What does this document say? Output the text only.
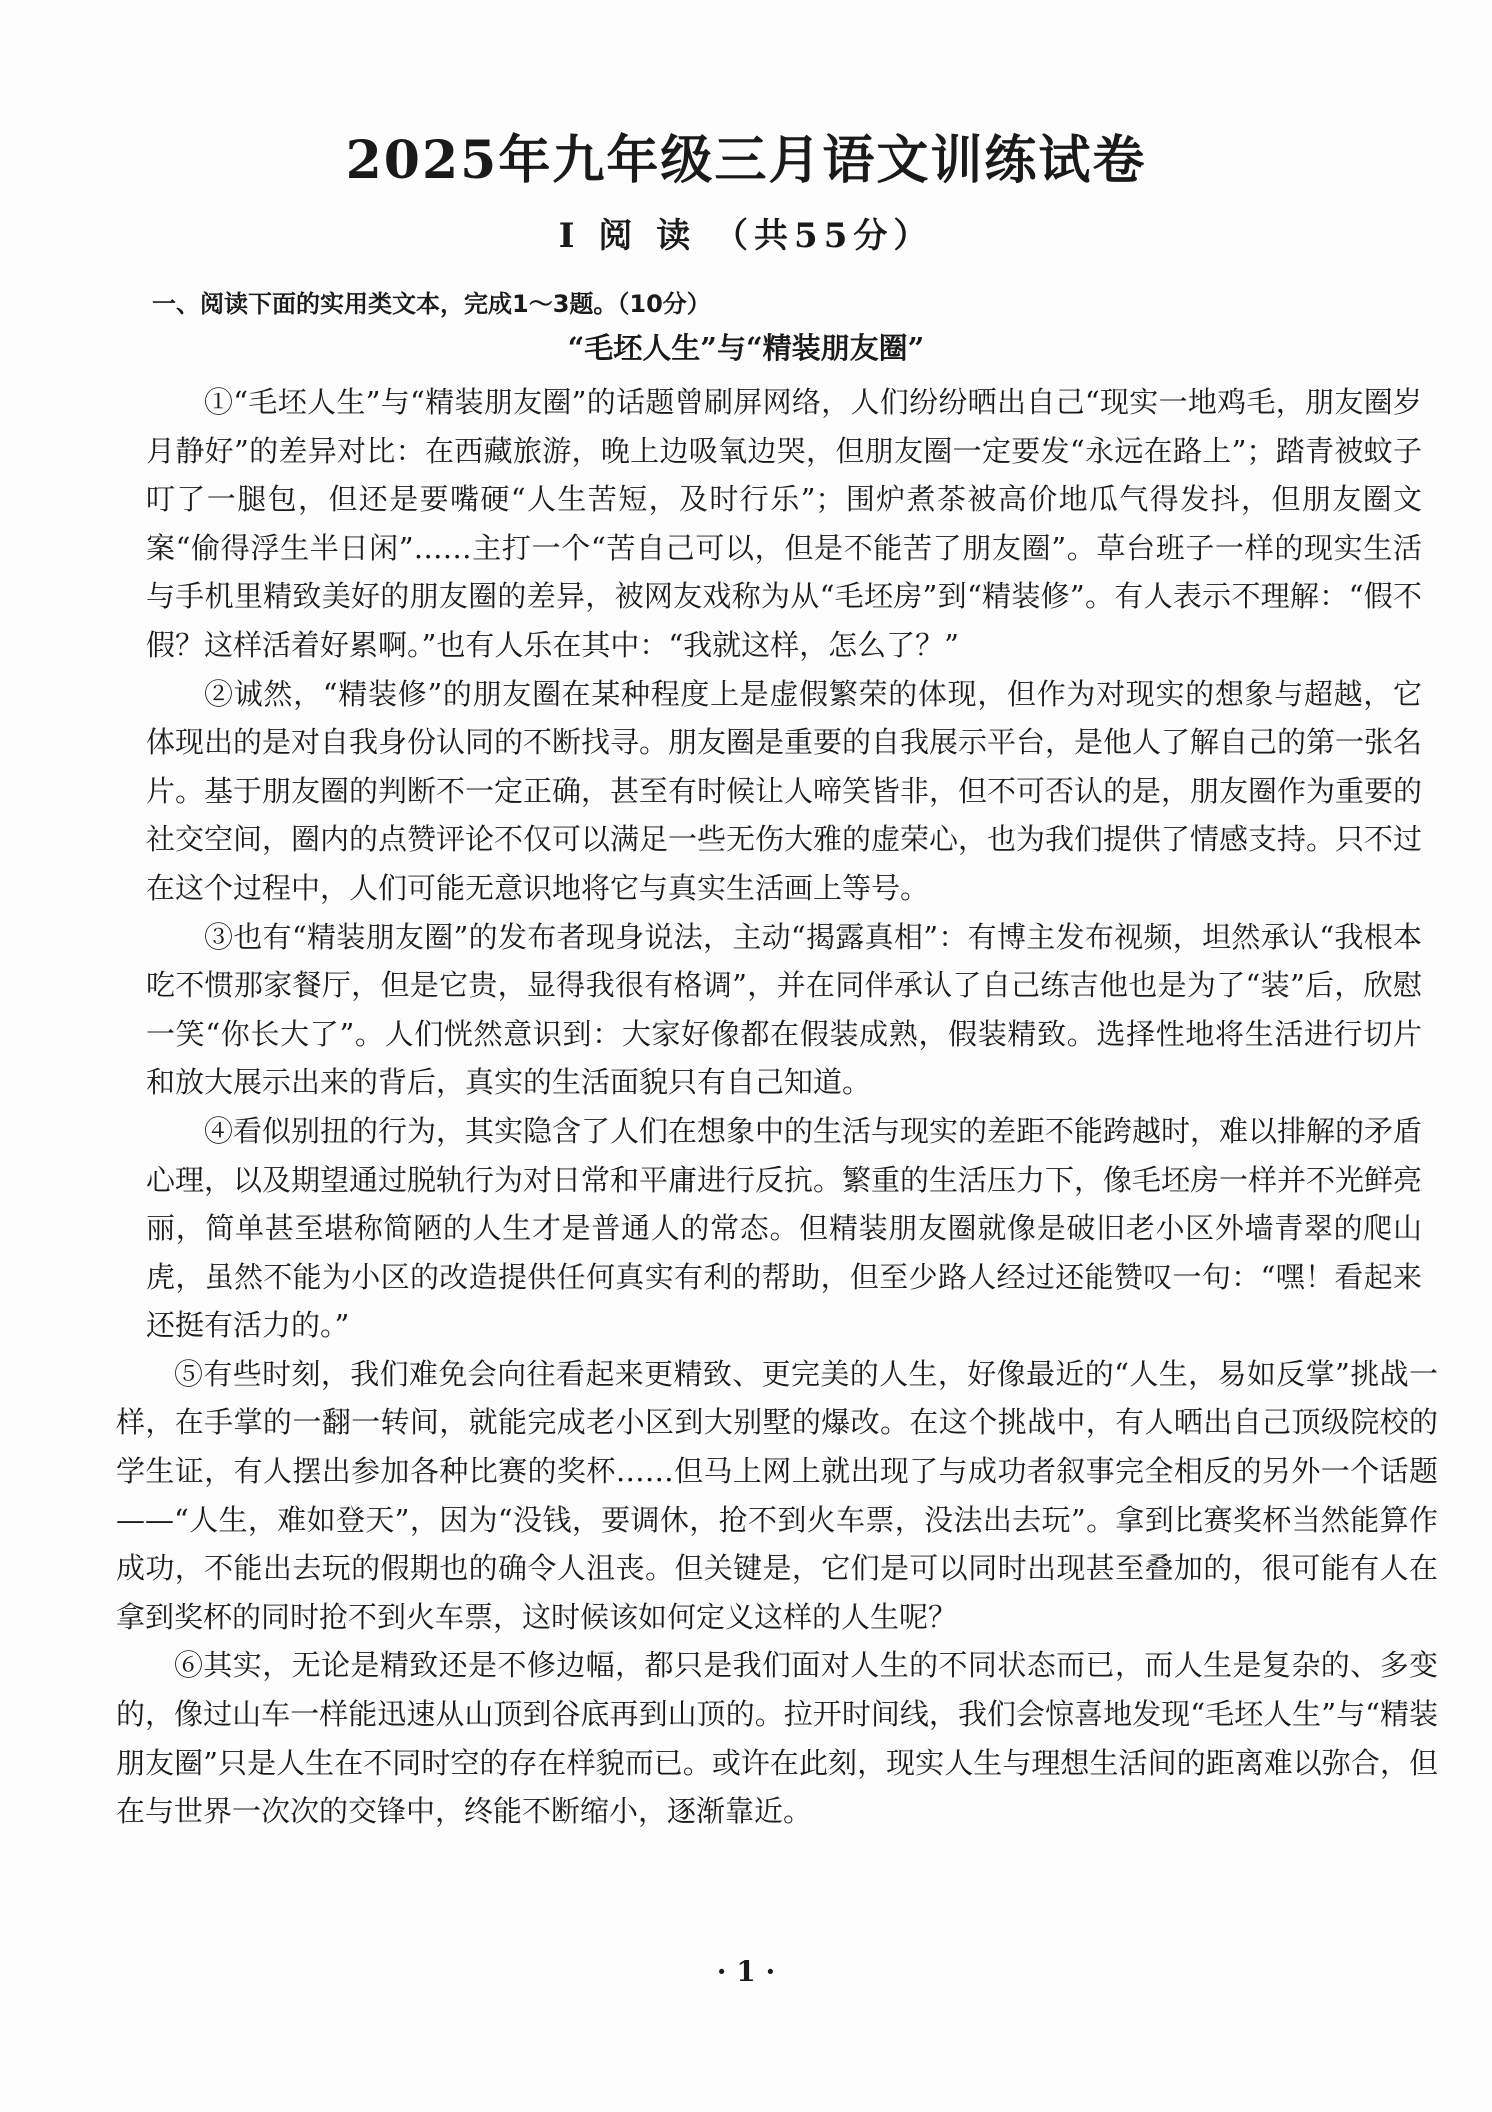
2025年九年级三月语文训练试卷
Ⅰ 阅 读 （共55分）
一、阅读下面的实用类文本，完成1～3题。（10分）
“毛坯人生”与“精装朋友圈”

①“毛坯人生”与“精装朋友圈”的话题曾刷屏网络，人们纷纷晒出自己“现实一地鸡毛，朋友圈岁月静好”的差异对比：在西藏旅游，晚上边吸氧边哭，但朋友圈一定要发“永远在路上”；踏青被蚊子叮了一腿包，但还是要嘴硬“人生苦短，及时行乐”；围炉煮茶被高价地瓜气得发抖，但朋友圈文案“偷得浮生半日闲”……主打一个“苦自己可以，但是不能苦了朋友圈”。草台班子一样的现实生活与手机里精致美好的朋友圈的差异，被网友戏称为从“毛坯房”到“精装修”。有人表示不理解：“假不假？这样活着好累啊。”也有人乐在其中：“我就这样，怎么了？”

②诚然，“精装修”的朋友圈在某种程度上是虚假繁荣的体现，但作为对现实的想象与超越，它体现出的是对自我身份认同的不断找寻。朋友圈是重要的自我展示平台，是他人了解自己的第一张名片。基于朋友圈的判断不一定正确，甚至有时候让人啼笑皆非，但不可否认的是，朋友圈作为重要的社交空间，圈内的点赞评论不仅可以满足一些无伤大雅的虚荣心，也为我们提供了情感支持。只不过在这个过程中，人们可能无意识地将它与真实生活画上等号。

③也有“精装朋友圈”的发布者现身说法，主动“揭露真相”：有博主发布视频，坦然承认“我根本吃不惯那家餐厅，但是它贵，显得我很有格调”，并在同伴承认了自己练吉他也是为了“装”后，欣慰一笑“你长大了”。人们恍然意识到：大家好像都在假装成熟，假装精致。选择性地将生活进行切片和放大展示出来的背后，真实的生活面貌只有自己知道。

④看似别扭的行为，其实隐含了人们在想象中的生活与现实的差距不能跨越时，难以排解的矛盾心理，以及期望通过脱轨行为对日常和平庸进行反抗。繁重的生活压力下，像毛坯房一样并不光鲜亮丽，简单甚至堪称简陋的人生才是普通人的常态。但精装朋友圈就像是破旧老小区外墙青翠的爬山虎，虽然不能为小区的改造提供任何真实有利的帮助，但至少路人经过还能赞叹一句：“嘿！看起来还挺有活力的。”

⑤有些时刻，我们难免会向往看起来更精致、更完美的人生，好像最近的“人生，易如反掌”挑战一样，在手掌的一翻一转间，就能完成老小区到大别墅的爆改。在这个挑战中，有人晒出自己顶级院校的学生证，有人摆出参加各种比赛的奖杯……但马上网上就出现了与成功者叙事完全相反的另外一个话题——“人生，难如登天”，因为“没钱，要调休，抢不到火车票，没法出去玩”。拿到比赛奖杯当然能算作成功，不能出去玩的假期也的确令人沮丧。但关键是，它们是可以同时出现甚至叠加的，很可能有人在拿到奖杯的同时抢不到火车票，这时候该如何定义这样的人生呢？

⑥其实，无论是精致还是不修边幅，都只是我们面对人生的不同状态而已，而人生是复杂的、多变的，像过山车一样能迅速从山顶到谷底再到山顶的。拉开时间线，我们会惊喜地发现“毛坯人生”与“精装朋友圈”只是人生在不同时空的存在样貌而已。或许在此刻，现实人生与理想生活间的距离难以弥合，但在与世界一次次的交锋中，终能不断缩小，逐渐靠近。

· 1 ·
